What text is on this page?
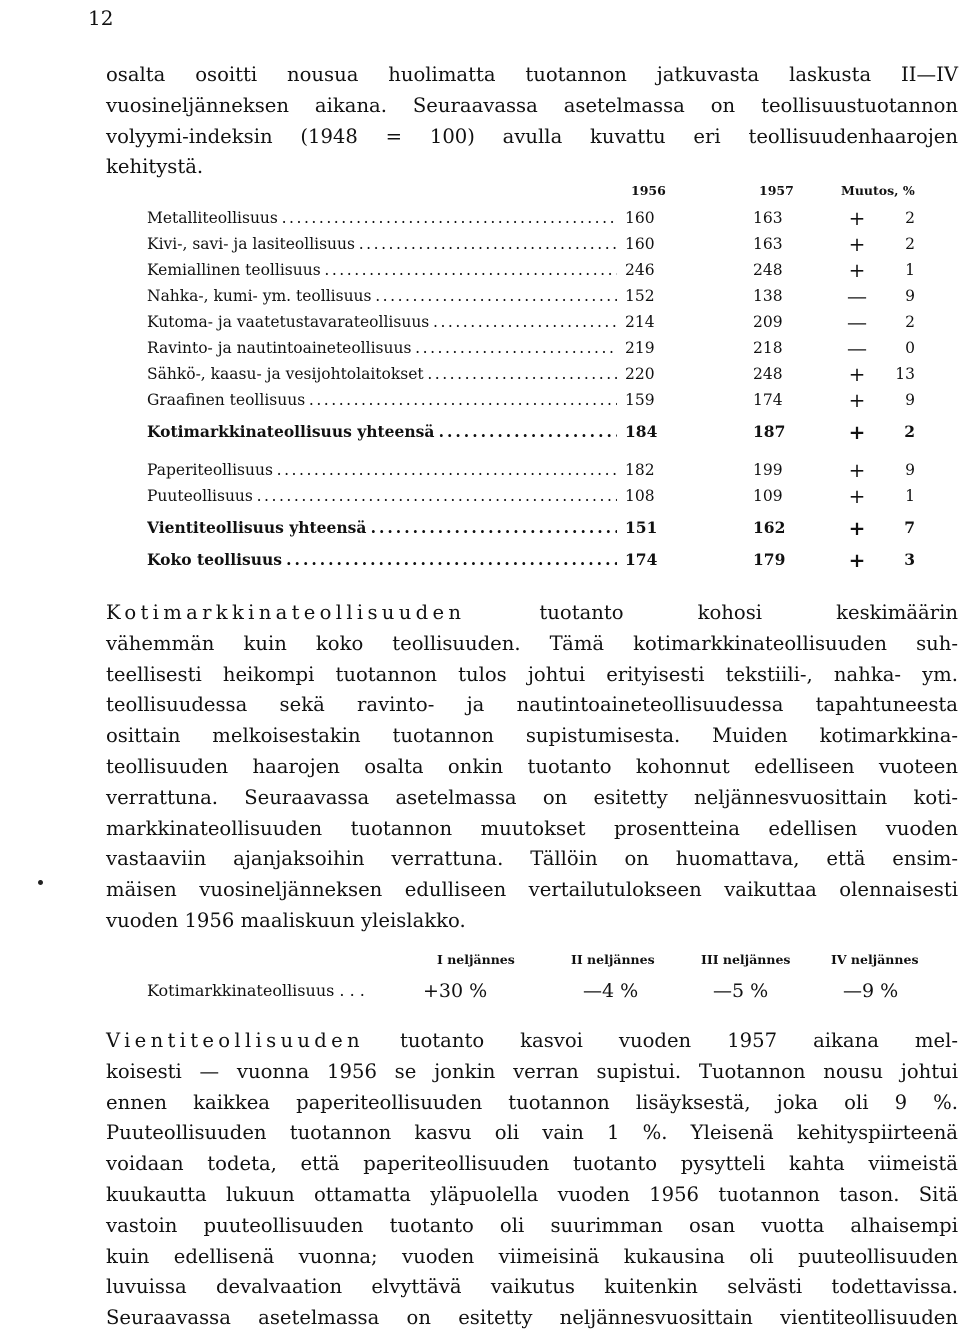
12
osalta osoitti nousua huolimatta tuotannon jatkuvasta laskusta II—IV
vuosineljänneksen aikana. Seuraavassa asetelmassa on teollisuustuotannon
volyymi-indeksin (1948 = 100) avulla kuvattu eri teollisuudenhaarojen
kehitystä.
1956	1957	Muutos, %
Metalliteollisuus . . .	160	163	+	2
Kivi-, savi- ja lasiteollisuus . . .	160	163	+	2
Kemiallinen teollisuus . . .	246	248	+	1
Nahka-, kumi- ym. teollisuus . . .	152	138	—	9
Kutoma- ja vaatetustavarateollisuus . . .	214	209	—	2
Ravinto- ja nautintoaineteollisuus . . .	219	218	—	0
Sähkö-, kaasu- ja vesijohtolaitokset . . .	220	248	+	13
Graafinen teollisuus . . .	159	174	+	9
Kotimarkkinateollisuus yhteensä . . .	184	187	+	2
Paperiteollisuus . . .	182	199	+	9
Puuteollisuus . . .	108	109	+	1
Vientiteollisuus yhteensä . . .	151	162	+	7
Koko teollisuus . . .	174	179	+	3
Kotimarkkinateollisuuden	tuotanto kohosi keskimäärin
vähemmän kuin koko teollisuuden. Tämä kotimarkkinateollisuuden suh-
teellisesti heikompi tuotannon tulos johtui erityisesti tekstiili-, nahka- ym.
teollisuudessa sekä ravinto- ja nautintoaineteollisuudessa tapahtuneesta
osittain melkoisestakin tuotannon supistumisesta. Muiden kotimarkkina-
teollisuuden haarojen osalta onkin tuotanto kohonnut edelliseen vuoteen
verrattuna. Seuraavassa asetelmassa on esitetty neljännesvuosittain koti-
markkinateollisuuden tuotannon muutokset prosentteina edellisen vuoden
vastaaviin ajanjaksoihin verrattuna. Tällöin on huomattava, että ensim-
mäisen vuosineljänneksen edulliseen vertailutulokseen vaikuttaa olennaisesti
vuoden 1956 maaliskuun yleislakko.
I neljännes	II neljännes	III neljännes	IV neljännes
Kotimarkkinateollisuus . . .	+30 %	—4 %	—5 %	—9 %
Vientiteollisuuden tuotanto kasvoi vuoden 1957 aikana mel-
koisesti — vuonna 1956 se jonkin verran supistui. Tuotannon nousu johtui
ennen kaikkea paperiteollisuuden tuotannon lisäyksestä, joka oli 9 %.
Puuteollisuuden tuotannon kasvu oli vain 1 %. Yleisenä kehityspiirteenä
voidaan todeta, että paperiteollisuuden tuotanto pysytteli kahta viimeistä
kuukautta lukuun ottamatta yläpuolella vuoden 1956 tuotannon tason. Sitä
vastoin puuteollisuuden tuotanto oli suurimman osan vuotta alhaisempi
kuin edellisenä vuonna; vuoden viimeisinä kukausina oli puuteollisuuden
luvuissa devalvaation elvyttävä vaikutus kuitenkin selvästi todettavissa.
Seuraavassa asetelmassa on esitetty neljännesvuosittain vientiteollisuuden
